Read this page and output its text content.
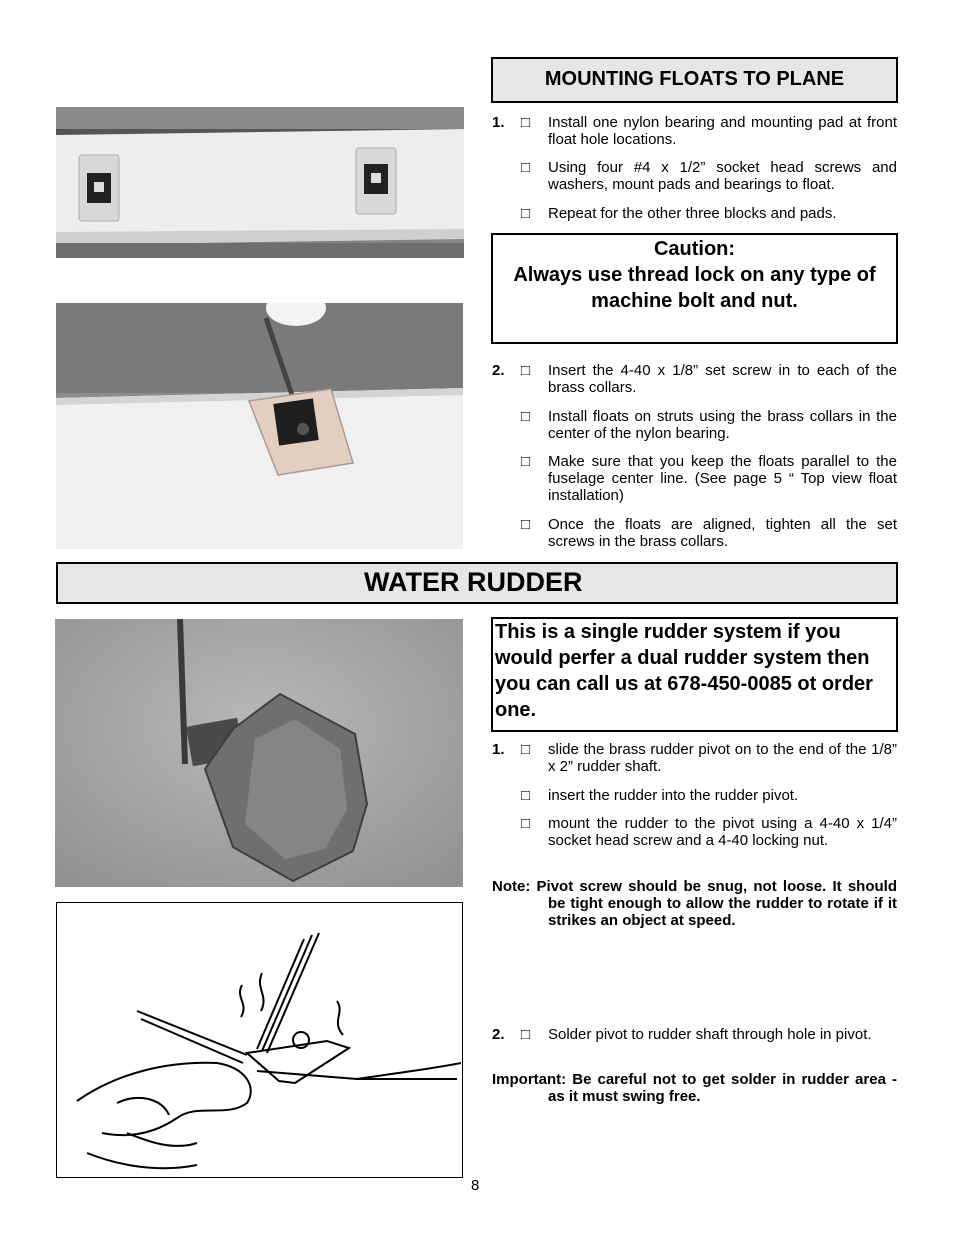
MOUNTING FLOATS TO PLANE
1. □ Install one nylon bearing and mounting pad at front float hole locations.
□ Using four #4 x 1/2” socket head screws and washers, mount pads and bearings to float.
□ Repeat for the other three blocks and pads.
Caution:
Always use thread lock on any type of machine bolt and nut.
2. □ Insert the 4-40 x 1/8” set screw in to each of the brass collars.
□ Install floats on struts using the brass collars in the center of the nylon bearing.
□ Make sure that you keep the floats parallel to the fuselage center line. (See page 5 “ Top view float installation)
□ Once the floats are aligned, tighten all the set screws in the brass collars.
WATER RUDDER
This is a single rudder system if you would perfer a dual rudder system then you can call us at 678-450-0085 ot order one.
1. □ slide the brass rudder pivot on to the end of the 1/8” x 2” rudder shaft.
□ insert the rudder into the rudder pivot.
□ mount the rudder to the pivot using a 4-40 x 1/4” socket head screw and a 4-40 locking nut.
Note: Pivot screw should be snug, not loose. It should be tight enough to allow the rudder to rotate if it strikes an object at speed.
2. □ Solder pivot to rudder shaft through hole in pivot.
Important: Be careful not to get solder in rudder area - as it must swing free.
8
